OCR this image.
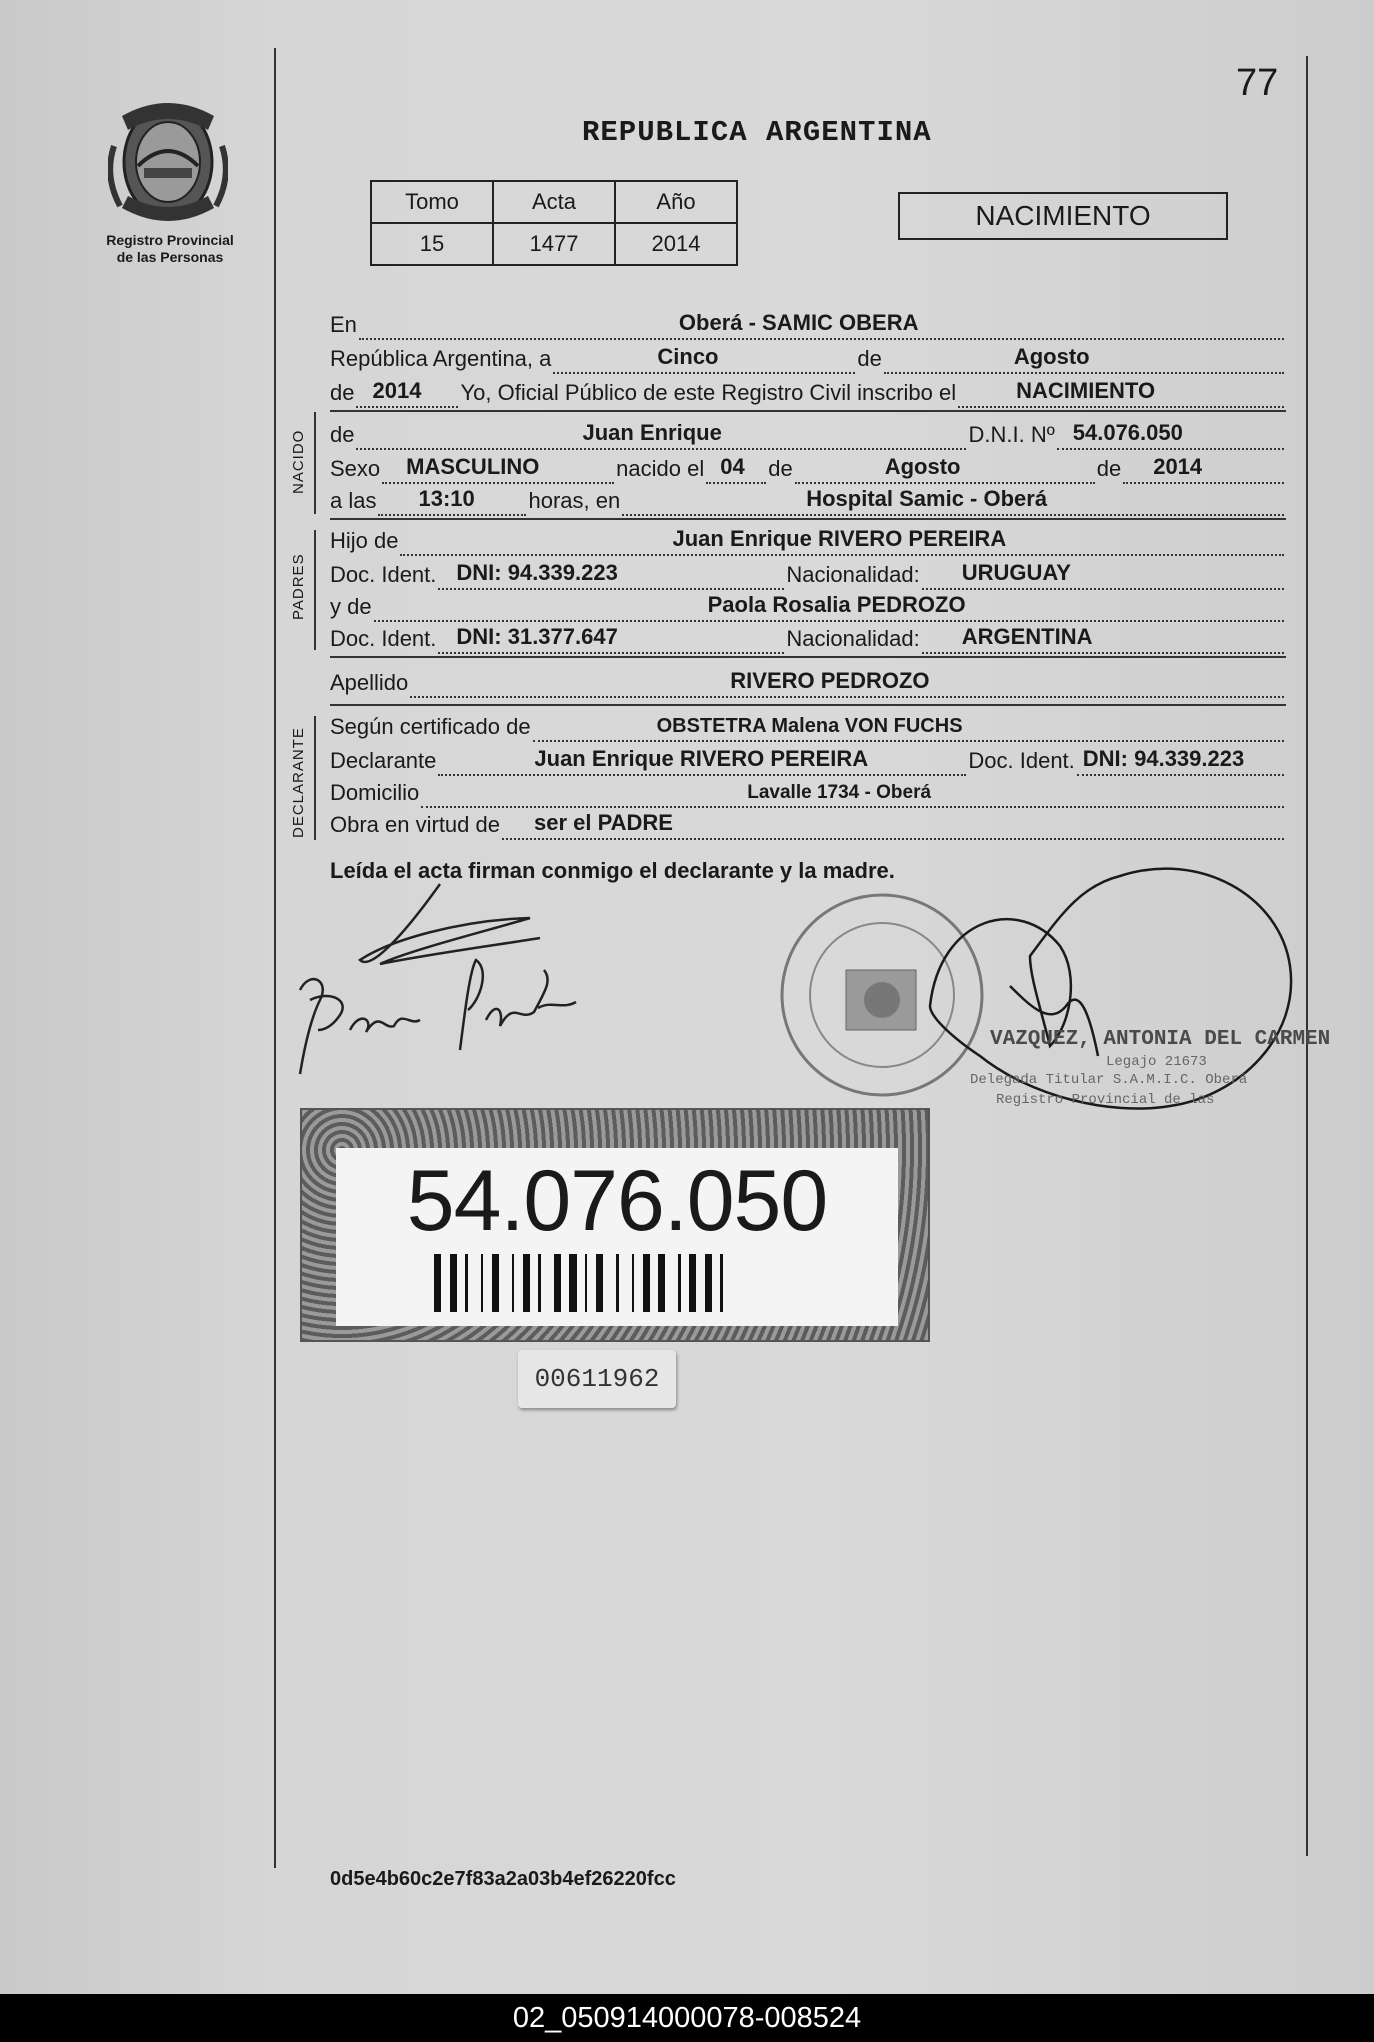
77
Registro Provincial
de las Personas
REPUBLICA ARGENTINA
Tomo	Acta	Año
15	1477	2014
NACIMIENTO
En	Oberá - SAMIC OBERA
República Argentina, a	Cinco	de	Agosto
de 2014 Yo, Oficial Público de este Registro Civil inscribo el	NACIMIENTO
NACIDO de	Juan Enrique	D.N.I. Nº 54.076.050
Sexo MASCULINO	nacido el 04 de	Agosto	de 2014
a las 13:10 horas, en	Hospital Samic - Oberá
PADRES
Hijo de	Juan Enrique RIVERO PEREIRA
Doc. Ident. DNI: 94.339.223	Nacionalidad: URUGUAY
y de	Paola Rosalia PEDROZO
Doc. Ident. DNI: 31.377.647	Nacionalidad: ARGENTINA
Apellido	RIVERO PEDROZO
DECLARANTE
Según certificado de	OBSTETRA Malena VON FUCHS
Declarante	Juan Enrique RIVERO PEREIRA	Doc. Ident. DNI: 94.339.223
Domicilio	Lavalle 1734 - Oberá
Obra en virtud de ser el PADRE
Leída el acta firman conmigo el declarante y la madre.
VAZQUEZ, ANTONIA DEL CARMEN
Legajo 21673
Delegada Titular S.A.M.I.C. Oberá
Registro Provincial de las
54.076.050
00611962
0d5e4b60c2e7f83a2a03b4ef26220fcc
02_050914000078-008524
